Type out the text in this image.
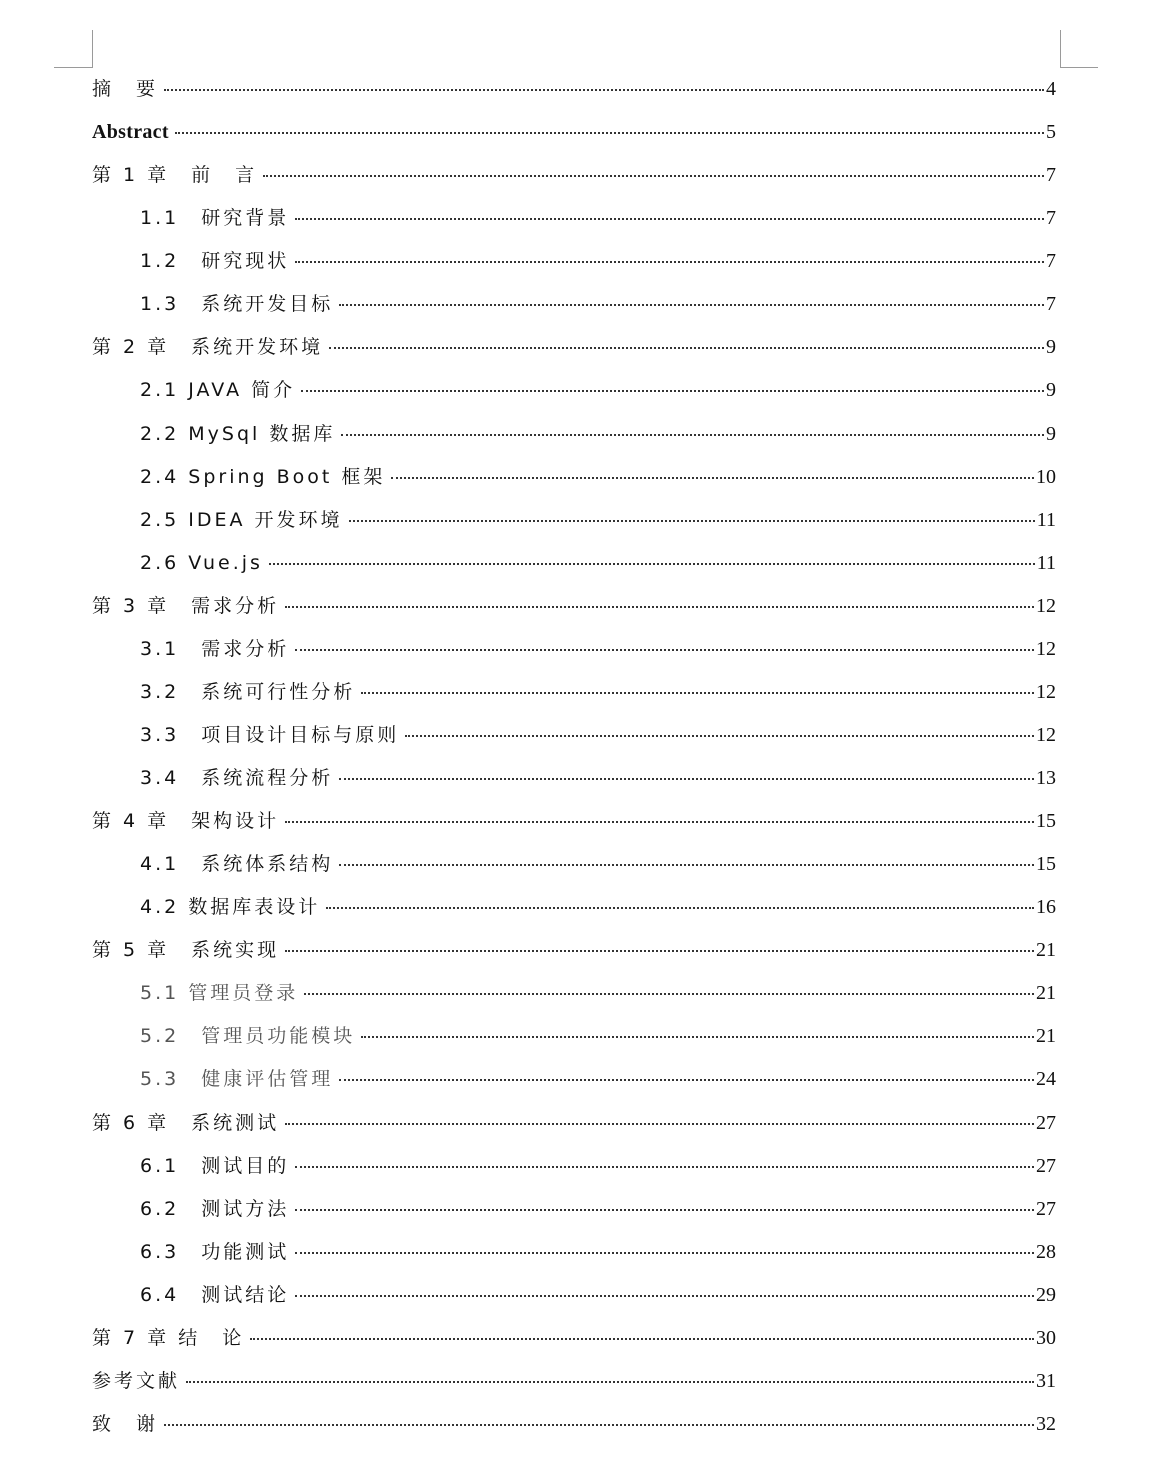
摘　要	4
Abstract	5
第 1 章　前　言	7
1.1　研究背景	7
1.2　研究现状	7
1.3　系统开发目标	7
第 2 章　系统开发环境	9
2.1 JAVA 简介	9
2.2 MySql 数据库	9
2.4 Spring Boot 框架	10
2.5 IDEA 开发环境	11
2.6 Vue.js	11
第 3 章　需求分析	12
3.1　需求分析	12
3.2　系统可行性分析	12
3.3　项目设计目标与原则	12
3.4　系统流程分析	13
第 4 章　架构设计	15
4.1　系统体系结构	15
4.2 数据库表设计	16
第 5 章　系统实现	21
5.1 管理员登录	21
5.2　管理员功能模块	21
5.3　健康评估管理	24
第 6 章　系统测试	27
6.1　测试目的	27
6.2　测试方法	27
6.3　功能测试	28
6.4　测试结论	29
第 7 章 结　论	30
参考文献	31
致　谢	32
